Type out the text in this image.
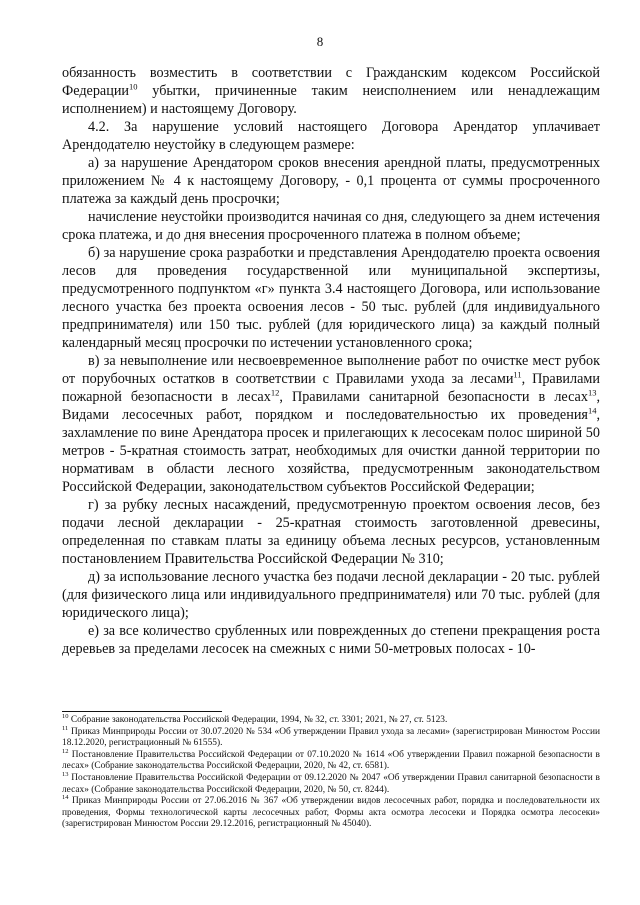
8

обязанность возместить в соответствии с Гражданским кодексом Российской Федерации$^{10}$ убытки, причиненные таким неисполнением или ненадлежащим исполнением) и настоящему Договору.

4.2. За нарушение условий настоящего Договора Арендатор уплачивает Арендодателю неустойку в следующем размере:

а) за нарушение Арендатором сроков внесения арендной платы, предусмотренных приложением № 4 к настоящему Договору, - 0,1 процента от суммы просроченного платежа за каждый день просрочки;

начисление неустойки производится начиная со дня, следующего за днем истечения срока платежа, и до дня внесения просроченного платежа в полном объеме;

б) за нарушение срока разработки и представления Арендодателю проекта освоения лесов для проведения государственной или муниципальной экспертизы, предусмотренного подпунктом «г» пункта 3.4 настоящего Договора, или использование лесного участка без проекта освоения лесов - 50 тыс. рублей (для индивидуального предпринимателя) или 150 тыс. рублей (для юридического лица) за каждый полный календарный месяц просрочки по истечении установленного срока;

в) за невыполнение или несвоевременное выполнение работ по очистке мест рубок от порубочных остатков в соответствии с Правилами ухода за лесами$^{11}$, Правилами пожарной безопасности в лесах$^{12}$, Правилами санитарной безопасности в лесах$^{13}$, Видами лесосечных работ, порядком и последовательностью их проведения$^{14}$, захламление по вине Арендатора просек и прилегающих к лесосекам полос шириной 50 метров - 5-кратная стоимость затрат, необходимых для очистки данной территории по нормативам в области лесного хозяйства, предусмотренным законодательством Российской Федерации, законодательством субъектов Российской Федерации;

г) за рубку лесных насаждений, предусмотренную проектом освоения лесов, без подачи лесной декларации - 25-кратная стоимость заготовленной древесины, определенная по ставкам платы за единицу объема лесных ресурсов, установленным постановлением Правительства Российской Федерации № 310;

д) за использование лесного участка без подачи лесной декларации - 20 тыс. рублей (для физического лица или индивидуального предпринимателя) или 70 тыс. рублей (для юридического лица);

е) за все количество срубленных или поврежденных до степени прекращения роста деревьев за пределами лесосек на смежных с ними 50-метровых полосах - 10-

$^{10}$ Собрание законодательства Российской Федерации, 1994, № 32, ст. 3301; 2021, № 27, ст. 5123.

$^{11}$ Приказ Минприроды России от 30.07.2020 № 534 «Об утверждении Правил ухода за лесами» (зарегистрирован Минюстом России 18.12.2020, регистрационный № 61555).

$^{12}$ Постановление Правительства Российской Федерации от 07.10.2020 № 1614 «Об утверждении Правил пожарной безопасности в лесах» (Собрание законодательства Российской Федерации, 2020, № 42, ст. 6581).

$^{13}$ Постановление Правительства Российской Федерации от 09.12.2020 № 2047 «Об утверждении Правил санитарной безопасности в лесах» (Собрание законодательства Российской Федерации, 2020, № 50, ст. 8244).

$^{14}$ Приказ Минприроды России от 27.06.2016 № 367 «Об утверждении видов лесосечных работ, порядка и последовательности их проведения, Формы технологической карты лесосечных работ, Формы акта осмотра лесосеки и Порядка осмотра лесосеки» (зарегистрирован Минюстом России 29.12.2016, регистрационный № 45040).
